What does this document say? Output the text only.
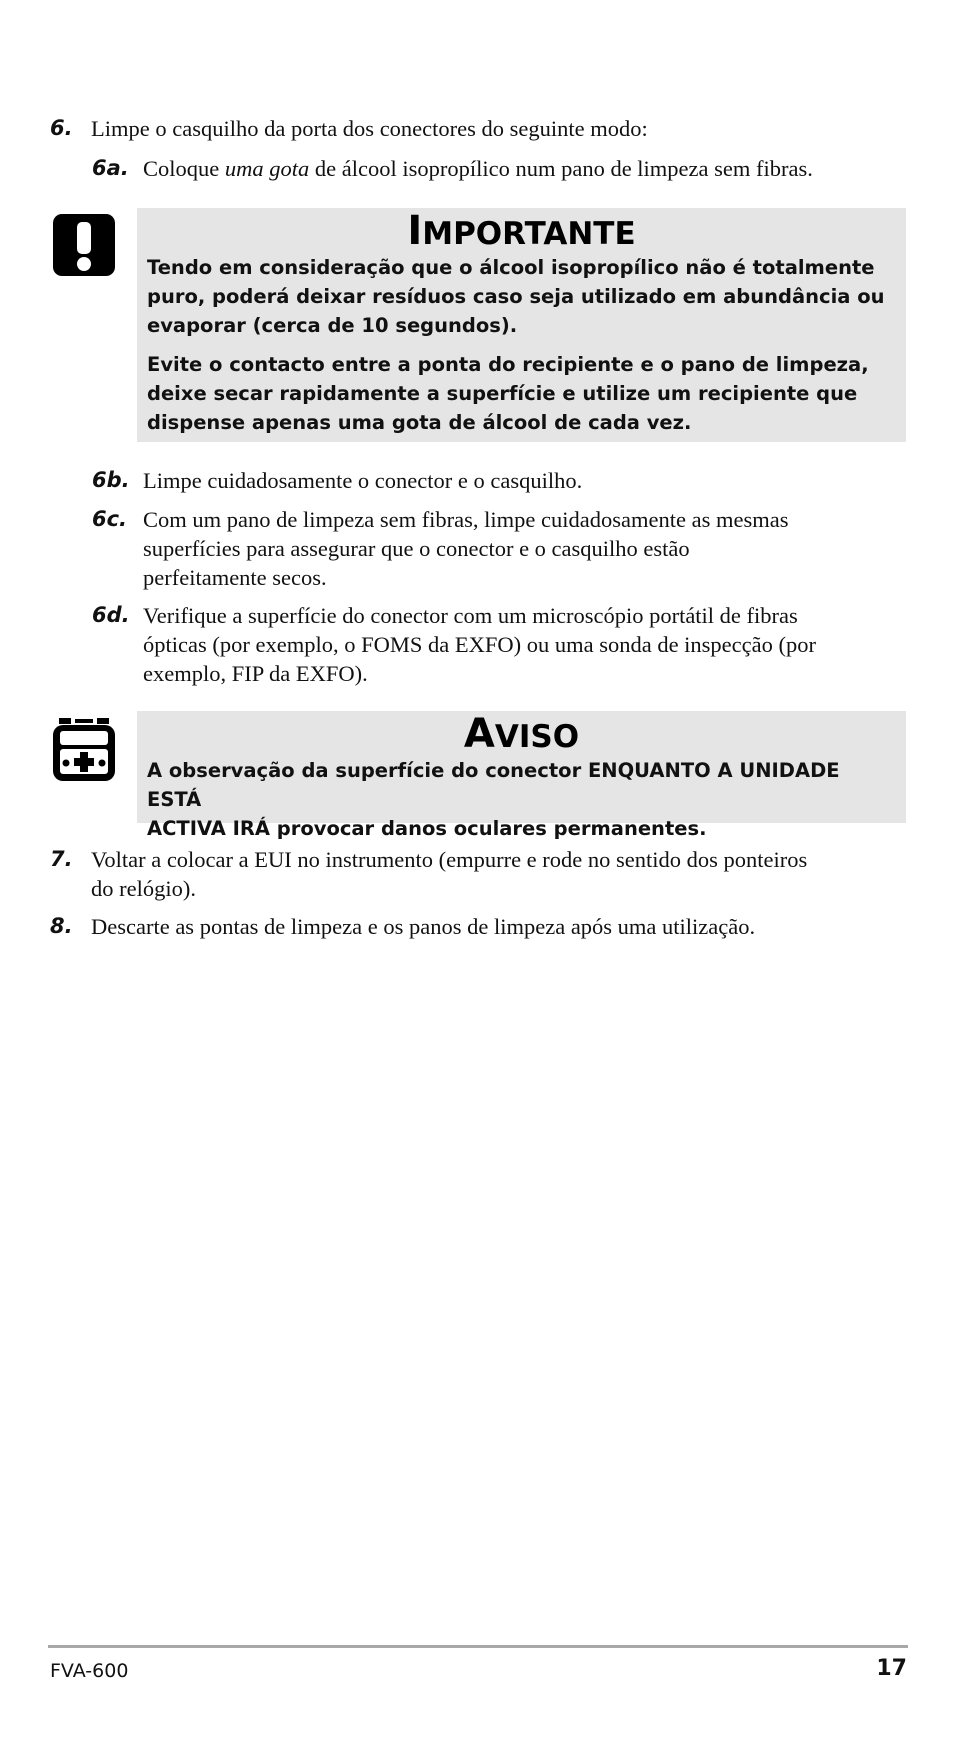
6. Limpe o casquilho da porta dos conectores do seguinte modo:
6a. Coloque uma gota de álcool isopropílico num pano de limpeza sem fibras.
IMPORTANTE
Tendo em consideração que o álcool isopropílico não é totalmente
puro, poderá deixar resíduos caso seja utilizado em abundância ou
evaporar (cerca de 10 segundos).
Evite o contacto entre a ponta do recipiente e o pano de limpeza,
deixe secar rapidamente a superfície e utilize um recipiente que
dispense apenas uma gota de álcool de cada vez.
6b. Limpe cuidadosamente o conector e o casquilho.
6c. Com um pano de limpeza sem fibras, limpe cuidadosamente as mesmas
superfícies para assegurar que o conector e o casquilho estão
perfeitamente secos.
6d. Verifique a superfície do conector com um microscópio portátil de fibras
ópticas (por exemplo, o FOMS da EXFO) ou uma sonda de inspecção (por
exemplo, FIP da EXFO).
AVISO
A observação da superfície do conector ENQUANTO A UNIDADE ESTÁ
ACTIVA IRÁ provocar danos oculares permanentes.
7. Voltar a colocar a EUI no instrumento (empurre e rode no sentido dos ponteiros
do relógio).
8. Descarte as pontas de limpeza e os panos de limpeza após uma utilização.
FVA-600	17
